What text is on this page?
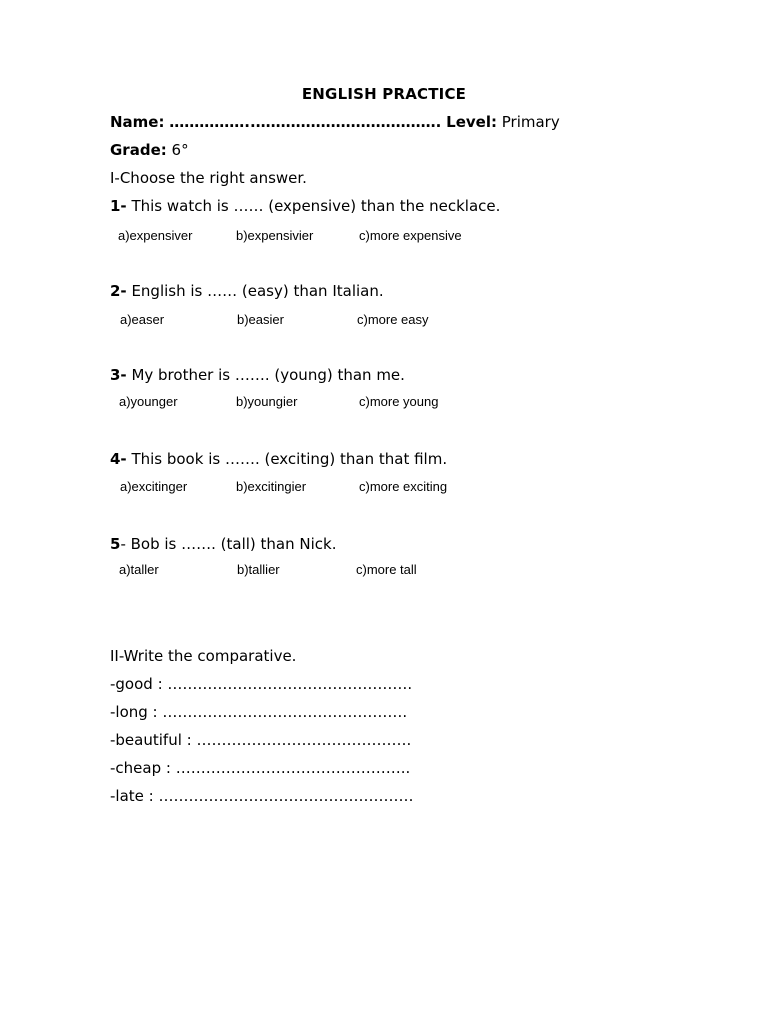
ENGLISH PRACTICE
Name: ……………..………………………………. Level: Primary
Grade: 6°
I-Choose the right answer.
1- This watch is …… (expensive) than the necklace.
a)expensiver	b)expensivier	c)more expensive
2- English is …… (easy) than Italian.
a)easer	b)easier	c)more easy
3- My brother is ……. (young) than me.
a)younger	b)youngier	c)more young
4- This book is ……. (exciting) than that film.
a)excitinger	b)excitingier	c)more exciting
5- Bob is ……. (tall) than Nick.
a)taller	b)tallier	c)more tall
II-Write the comparative.
-good : ………………………………………….
-long : ………………………………………….
-beautiful : …………………………………….
-cheap : ………………………………………..
-late : ……………………………………………
